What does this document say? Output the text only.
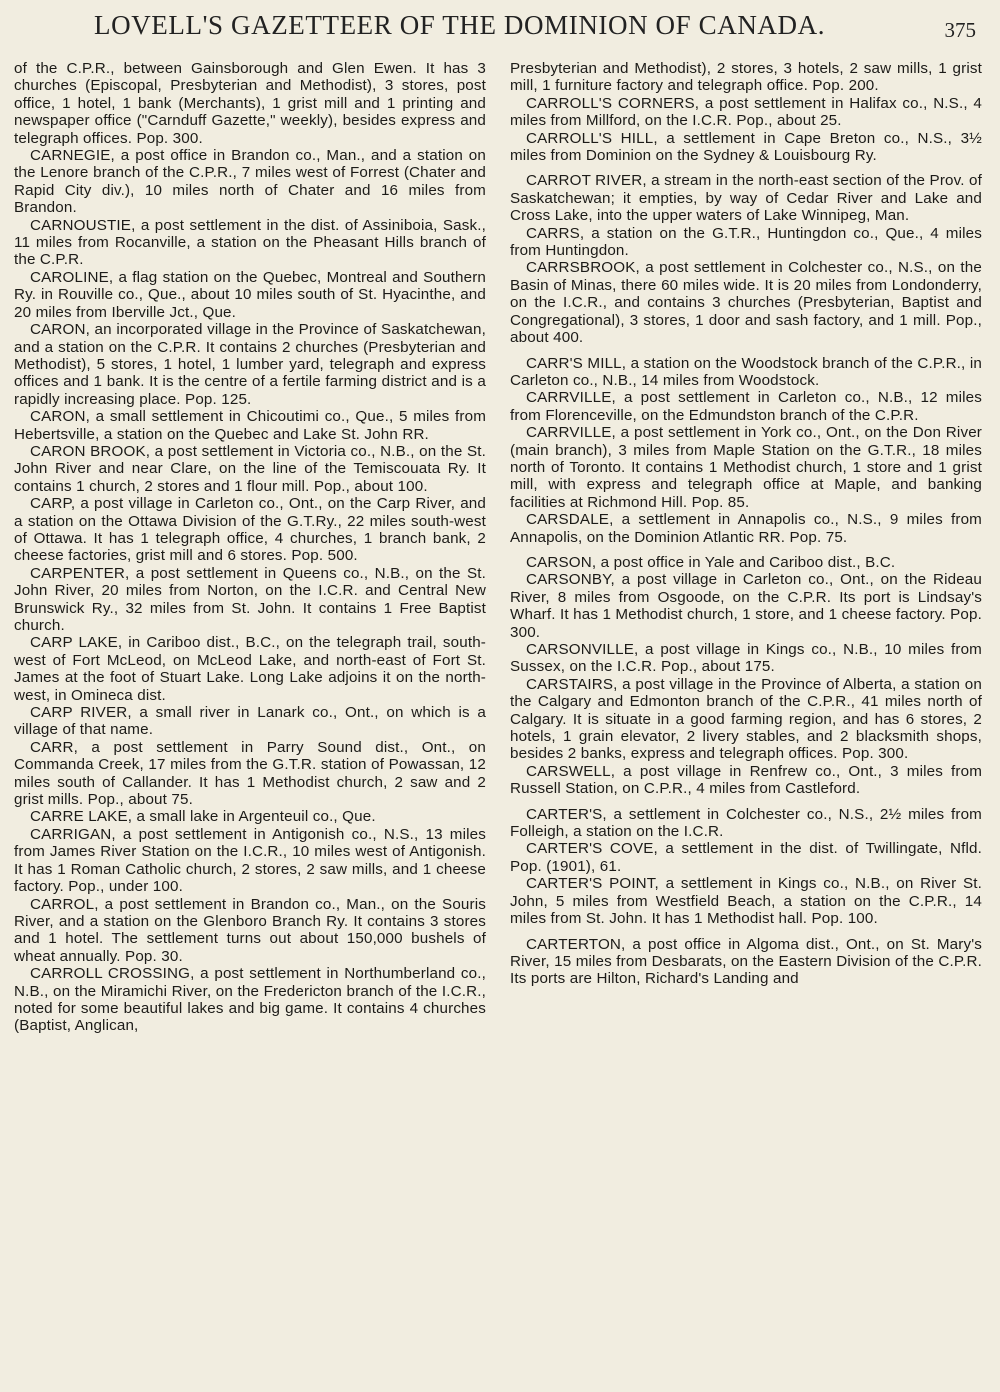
LOVELL'S GAZETTEER OF THE DOMINION OF CANADA.	375

of the C.P.R., between Gainsborough and Glen Ewen. It has 3 churches (Episcopal, Presbyterian and Methodist), 3 stores, post office, 1 hotel, 1 bank (Merchants), 1 grist mill and 1 printing and newspaper office ("Carnduff Gazette," weekly), besides express and telegraph offices. Pop. 300.

CARNEGIE, a post office in Brandon co., Man., and a station on the Lenore branch of the C.P.R., 7 miles west of Forrest (Chater and Rapid City div.), 10 miles north of Chater and 16 miles from Brandon.

CARNOUSTIE, a post settlement in the dist. of Assiniboia, Sask., 11 miles from Rocanville, a station on the Pheasant Hills branch of the C.P.R.

CAROLINE, a flag station on the Quebec, Montreal and Southern Ry. in Rouville co., Que., about 10 miles south of St. Hyacinthe, and 20 miles from Iberville Jct., Que.

CARON, an incorporated village in the Province of Saskatchewan, and a station on the C.P.R. It contains 2 churches (Presbyterian and Methodist), 5 stores, 1 hotel, 1 lumber yard, telegraph and express offices and 1 bank. It is the centre of a fertile farming district and is a rapidly increasing place. Pop. 125.

CARON, a small settlement in Chicoutimi co., Que., 5 miles from Hebertsville, a station on the Quebec and Lake St. John RR.

CARON BROOK, a post settlement in Victoria co., N.B., on the St. John River and near Clare, on the line of the Temiscouata Ry. It contains 1 church, 2 stores and 1 flour mill. Pop., about 100.

CARP, a post village in Carleton co., Ont., on the Carp River, and a station on the Ottawa Division of the G.T.Ry., 22 miles south-west of Ottawa. It has 1 telegraph office, 4 churches, 1 branch bank, 2 cheese factories, grist mill and 6 stores. Pop. 500.

CARPENTER, a post settlement in Queens co., N.B., on the St. John River, 20 miles from Norton, on the I.C.R. and Central New Brunswick Ry., 32 miles from St. John. It contains 1 Free Baptist church.

CARP LAKE, in Cariboo dist., B.C., on the telegraph trail, south-west of Fort McLeod, on McLeod Lake, and north-east of Fort St. James at the foot of Stuart Lake. Long Lake adjoins it on the north-west, in Omineca dist.

CARP RIVER, a small river in Lanark co., Ont., on which is a village of that name.

CARR, a post settlement in Parry Sound dist., Ont., on Commanda Creek, 17 miles from the G.T.R. station of Powassan, 12 miles south of Callander. It has 1 Methodist church, 2 saw and 2 grist mills. Pop., about 75.

CARRE LAKE, a small lake in Argenteuil co., Que.

CARRIGAN, a post settlement in Antigonish co., N.S., 13 miles from James River Station on the I.C.R., 10 miles west of Antigonish. It has 1 Roman Catholic church, 2 stores, 2 saw mills, and 1 cheese factory. Pop., under 100.

CARROL, a post settlement in Brandon co., Man., on the Souris River, and a station on the Glenboro Branch Ry. It contains 3 stores and 1 hotel. The settlement turns out about 150,000 bushels of wheat annually. Pop. 30.

CARROLL CROSSING, a post settlement in Northumberland co., N.B., on the Miramichi River, on the Fredericton branch of the I.C.R., noted for some beautiful lakes and big game. It contains 4 churches (Baptist, Anglican,

Presbyterian and Methodist), 2 stores, 3 hotels, 2 saw mills, 1 grist mill, 1 furniture factory and telegraph office. Pop. 200.

CARROLL'S CORNERS, a post settlement in Halifax co., N.S., 4 miles from Millford, on the I.C.R. Pop., about 25.

CARROLL'S HILL, a settlement in Cape Breton co., N.S., 3½ miles from Dominion on the Sydney & Louisbourg Ry.

CARROT RIVER, a stream in the north-east section of the Prov. of Saskatchewan; it empties, by way of Cedar River and Lake and Cross Lake, into the upper waters of Lake Winnipeg, Man.

CARRS, a station on the G.T.R., Huntingdon co., Que., 4 miles from Huntingdon.

CARRSBROOK, a post settlement in Colchester co., N.S., on the Basin of Minas, there 60 miles wide. It is 20 miles from Londonderry, on the I.C.R., and contains 3 churches (Presbyterian, Baptist and Congregational), 3 stores, 1 door and sash factory, and 1 mill. Pop., about 400.

CARR'S MILL, a station on the Woodstock branch of the C.P.R., in Carleton co., N.B., 14 miles from Woodstock.

CARRVILLE, a post settlement in Carleton co., N.B., 12 miles from Florenceville, on the Edmundston branch of the C.P.R.

CARRVILLE, a post settlement in York co., Ont., on the Don River (main branch), 3 miles from Maple Station on the G.T.R., 18 miles north of Toronto. It contains 1 Methodist church, 1 store and 1 grist mill, with express and telegraph office at Maple, and banking facilities at Richmond Hill. Pop. 85.

CARSDALE, a settlement in Annapolis co., N.S., 9 miles from Annapolis, on the Dominion Atlantic RR. Pop. 75.

CARSON, a post office in Yale and Cariboo dist., B.C.

CARSONBY, a post village in Carleton co., Ont., on the Rideau River, 8 miles from Osgoode, on the C.P.R. Its port is Lindsay's Wharf. It has 1 Methodist church, 1 store, and 1 cheese factory. Pop. 300.

CARSONVILLE, a post village in Kings co., N.B., 10 miles from Sussex, on the I.C.R. Pop., about 175.

CARSTAIRS, a post village in the Province of Alberta, a station on the Calgary and Edmonton branch of the C.P.R., 41 miles north of Calgary. It is situate in a good farming region, and has 6 stores, 2 hotels, 1 grain elevator, 2 livery stables, and 2 blacksmith shops, besides 2 banks, express and telegraph offices. Pop. 300.

CARSWELL, a post village in Renfrew co., Ont., 3 miles from Russell Station, on C.P.R., 4 miles from Castleford.

CARTER'S, a settlement in Colchester co., N.S., 2½ miles from Folleigh, a station on the I.C.R.

CARTER'S COVE, a settlement in the dist. of Twillingate, Nfld. Pop. (1901), 61.

CARTER'S POINT, a settlement in Kings co., N.B., on River St. John, 5 miles from Westfield Beach, a station on the C.P.R., 14 miles from St. John. It has 1 Methodist hall. Pop. 100.

CARTERTON, a post office in Algoma dist., Ont., on St. Mary's River, 15 miles from Desbarats, on the Eastern Division of the C.P.R. Its ports are Hilton, Richard's Landing and
